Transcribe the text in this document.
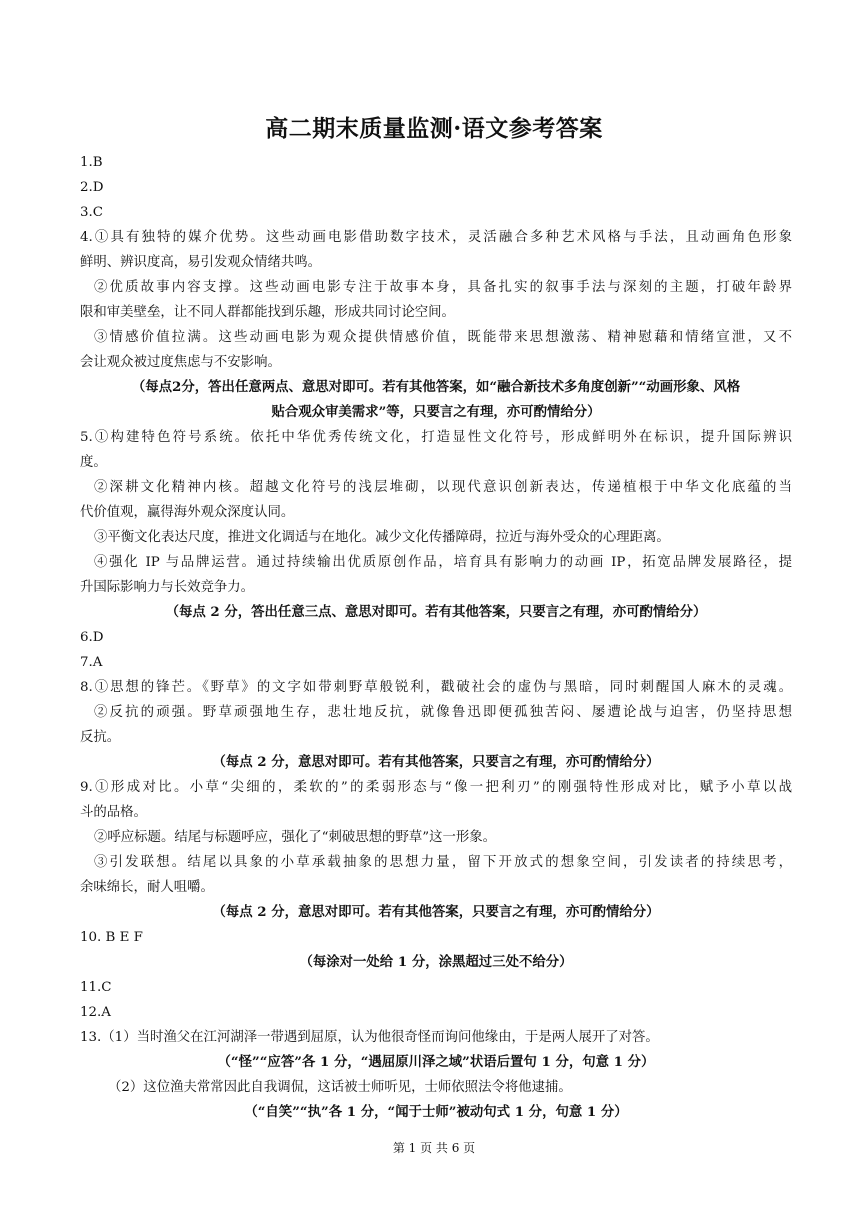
高二期末质量监测·语文参考答案
1.B
2.D
3.C
4.①具有独特的媒介优势。这些动画电影借助数字技术，灵活融合多种艺术风格与手法，且动画角色形象
鲜明、辨识度高，易引发观众情绪共鸣。
②优质故事内容支撑。这些动画电影专注于故事本身，具备扎实的叙事手法与深刻的主题，打破年龄界
限和审美壁垒，让不同人群都能找到乐趣，形成共同讨论空间。
③情感价值拉满。这些动画电影为观众提供情感价值，既能带来思想激荡、精神慰藉和情绪宣泄，又不
会让观众被过度焦虑与不安影响。
（每点2分，答出任意两点、意思对即可。若有其他答案，如“融合新技术多角度创新”“动画形象、风格
贴合观众审美需求”等，只要言之有理，亦可酌情给分）
5.①构建特色符号系统。依托中华优秀传统文化，打造显性文化符号，形成鲜明外在标识，提升国际辨识
度。
②深耕文化精神内核。超越文化符号的浅层堆砌，以现代意识创新表达，传递植根于中华文化底蕴的当
代价值观，赢得海外观众深度认同。
③平衡文化表达尺度，推进文化调适与在地化。减少文化传播障碍，拉近与海外受众的心理距离。
④强化 IP 与品牌运营。通过持续输出优质原创作品，培育具有影响力的动画 IP，拓宽品牌发展路径，提
升国际影响力与长效竞争力。
（每点 2 分，答出任意三点、意思对即可。若有其他答案，只要言之有理，亦可酌情给分）
6.D
7.A
8.①思想的锋芒。《野草》的文字如带刺野草般锐利，戳破社会的虚伪与黑暗，同时刺醒国人麻木的灵魂。
②反抗的顽强。野草顽强地生存，悲壮地反抗，就像鲁迅即便孤独苦闷、屡遭论战与迫害，仍坚持思想
反抗。
（每点 2 分，意思对即可。若有其他答案，只要言之有理，亦可酌情给分）
9.①形成对比。小草“尖细的，柔软的”的柔弱形态与“像一把利刃”的刚强特性形成对比，赋予小草以战
斗的品格。
②呼应标题。结尾与标题呼应，强化了“刺破思想的野草”这一形象。
③引发联想。结尾以具象的小草承载抽象的思想力量，留下开放式的想象空间，引发读者的持续思考，
余味绵长，耐人咀嚼。
（每点 2 分，意思对即可。若有其他答案，只要言之有理，亦可酌情给分）
10. B E F
（每涂对一处给 1 分，涂黑超过三处不给分）
11.C
12.A
13.（1）当时渔父在江河湖泽一带遇到屈原，认为他很奇怪而询问他缘由，于是两人展开了对答。
（“怪”“应答”各 1 分，“遇屈原川泽之域”状语后置句 1 分，句意 1 分）
（2）这位渔夫常常因此自我调侃，这话被士师听见，士师依照法令将他逮捕。
（“自笑”“执”各 1 分，“闻于士师”被动句式 1 分，句意 1 分）
第 1 页 共 6 页
